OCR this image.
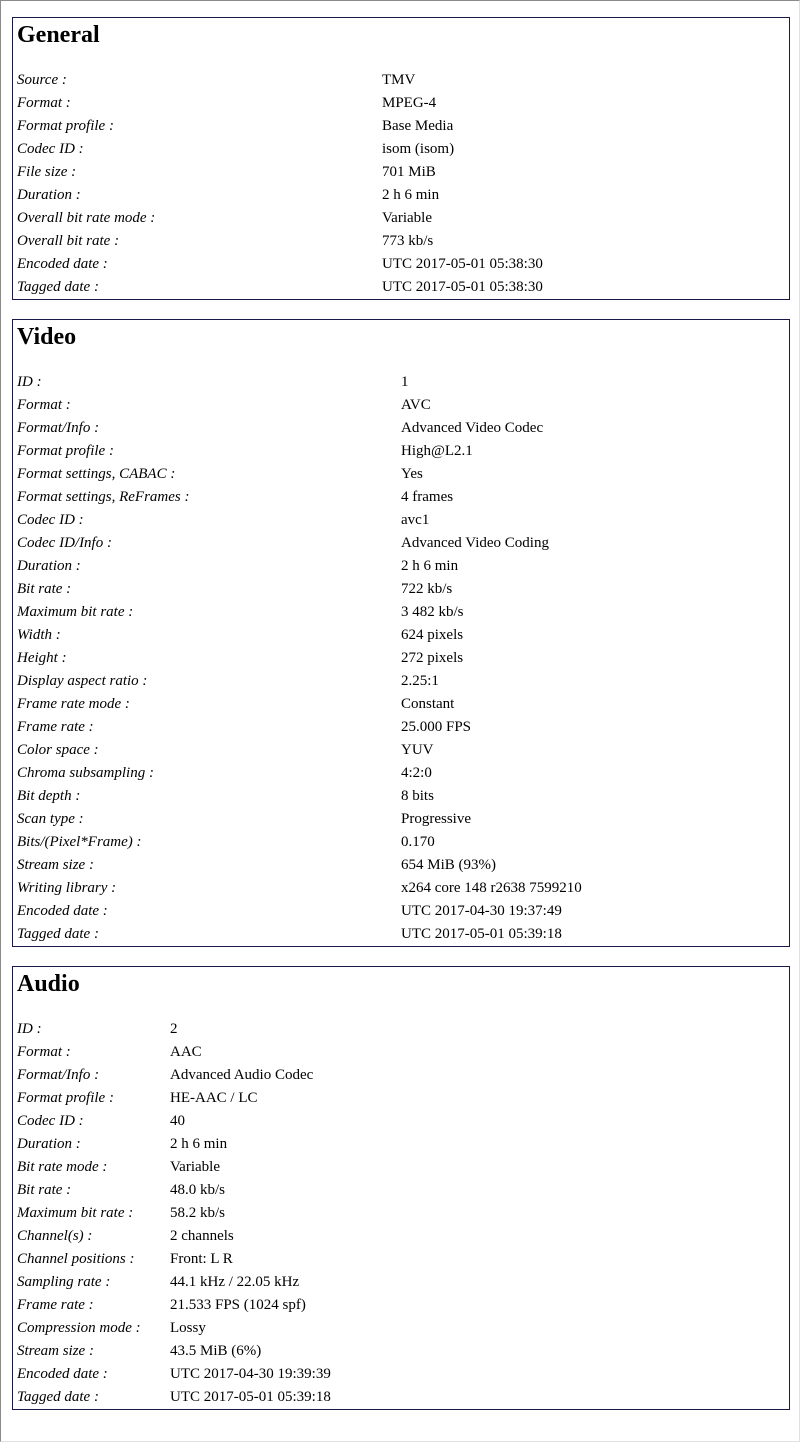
General
Source :	TMV
Format :	MPEG-4
Format profile :	Base Media
Codec ID :	isom (isom)
File size :	701 MiB
Duration :	2 h 6 min
Overall bit rate mode :	Variable
Overall bit rate :	773 kb/s
Encoded date :	UTC 2017-05-01 05:38:30
Tagged date :	UTC 2017-05-01 05:38:30
Video
ID :	1
Format :	AVC
Format/Info :	Advanced Video Codec
Format profile :	High@L2.1
Format settings, CABAC :	Yes
Format settings, ReFrames :	4 frames
Codec ID :	avc1
Codec ID/Info :	Advanced Video Coding
Duration :	2 h 6 min
Bit rate :	722 kb/s
Maximum bit rate :	3 482 kb/s
Width :	624 pixels
Height :	272 pixels
Display aspect ratio :	2.25:1
Frame rate mode :	Constant
Frame rate :	25.000 FPS
Color space :	YUV
Chroma subsampling :	4:2:0
Bit depth :	8 bits
Scan type :	Progressive
Bits/(Pixel*Frame) :	0.170
Stream size :	654 MiB (93%)
Writing library :	x264 core 148 r2638 7599210
Encoded date :	UTC 2017-04-30 19:37:49
Tagged date :	UTC 2017-05-01 05:39:18
Audio
ID :	2
Format :	AAC
Format/Info :	Advanced Audio Codec
Format profile :	HE-AAC / LC
Codec ID :	40
Duration :	2 h 6 min
Bit rate mode :	Variable
Bit rate :	48.0 kb/s
Maximum bit rate : 58.2 kb/s
Channel(s) :	2 channels
Channel positions : Front: L R
Sampling rate :	44.1 kHz / 22.05 kHz
Frame rate :	21.533 FPS (1024 spf)
Compression mode : Lossy
Stream size :	43.5 MiB (6%)
Encoded date :	UTC 2017-04-30 19:39:39
Tagged date :	UTC 2017-05-01 05:39:18
